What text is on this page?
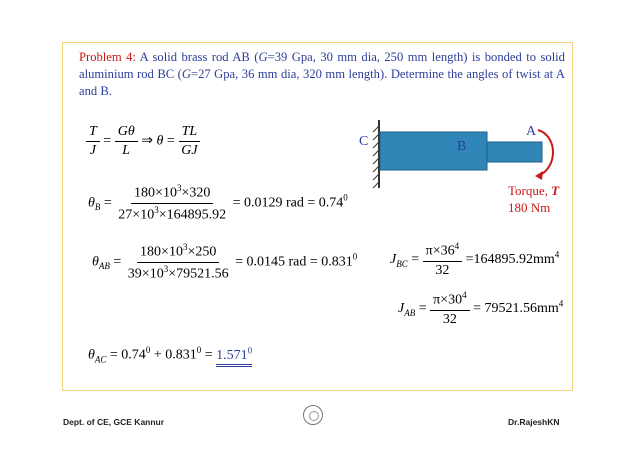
Problem 4: A solid brass rod AB (G=39 Gpa, 30 mm dia, 250 mm length) is bonded to solid aluminium rod BC (G=27 Gpa, 36 mm dia, 320 mm length). Determine the angles of twist at A and B.
$\frac{T}{J} = \frac{G\theta}{L}$ ⇒ $\theta = \frac{TL}{GJ}$	C	B
A
Torque, T
180 Nm
$\theta_B = \frac{180\times 10^3\times 320}{27\times 10^3\times 164895.92} = 0.0129$ rad = $0.74^0$
$\theta_{AB} = \frac{180\times 10^3\times 250}{39\times 10^3\times 79521.56} = 0.0145$ rad = $0.831^0$ $J_{BC} = \frac{\pi\times 36^4}{32} =164895.92mm^4$
$J_{AB} = \frac{\pi\times 30^4}{32} = 79521.56mm^4$
$\theta_{AC} = 0.74^0 + 0.831^0 = 1.571^0$
Dept. of CE, GCE Kannur	Dr.RajeshKN
